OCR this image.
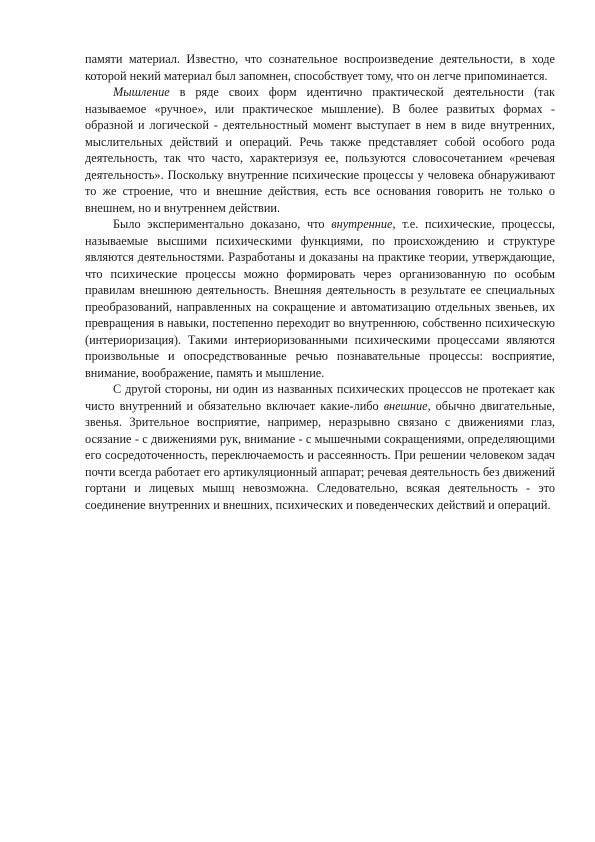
памяти материал. Известно, что сознательное воспроизведение деятельности, в ходе которой некий материал был запомнен, способствует тому, что он легче припоминается.

Мышление в ряде своих форм идентично практической деятельности (так называемое «ручное», или практическое мышление). В более развитых формах - образной и логической - деятельностный момент выступает в нем в виде внутренних, мыслительных действий и операций. Речь также представляет собой особого рода деятельность, так что часто, характеризуя ее, пользуются словосочетанием «речевая деятельность». Поскольку внутренние психические процессы у человека обнаруживают то же строение, что и внешние действия, есть все основания говорить не только о внешнем, но и внутреннем действии.

Было экспериментально доказано, что внутренние, т.е. психические, процессы, называемые высшими психическими функциями, по происхождению и структуре являются деятельностями. Разработаны и доказаны на практике теории, утверждающие, что психические процессы можно формировать через организованную по особым правилам внешнюю деятельность. Внешняя деятельность в результате ее специальных преобразований, направленных на сокращение и автоматизацию отдельных звеньев, их превращения в навыки, постепенно переходит во внутреннюю, собственно психическую (интериоризация). Такими интериоризованными психическими процессами являются произвольные и опосредствованные речью познавательные процессы: восприятие, внимание, воображение, память и мышление.

С другой стороны, ни один из названных психических процессов не протекает как чисто внутренний и обязательно включает какие-либо внешние, обычно двигательные, звенья. Зрительное восприятие, например, неразрывно связано с движениями глаз, осязание - с движениями рук, внимание - с мышечными сокращениями, определяющими его сосредоточенность, переключаемость и рассеянность. При решении человеком задач почти всегда работает его артикуляционный аппарат; речевая деятельность без движений гортани и лицевых мышц невозможна. Следовательно, всякая деятельность - это соединение внутренних и внешних, психических и поведенческих действий и операций.
